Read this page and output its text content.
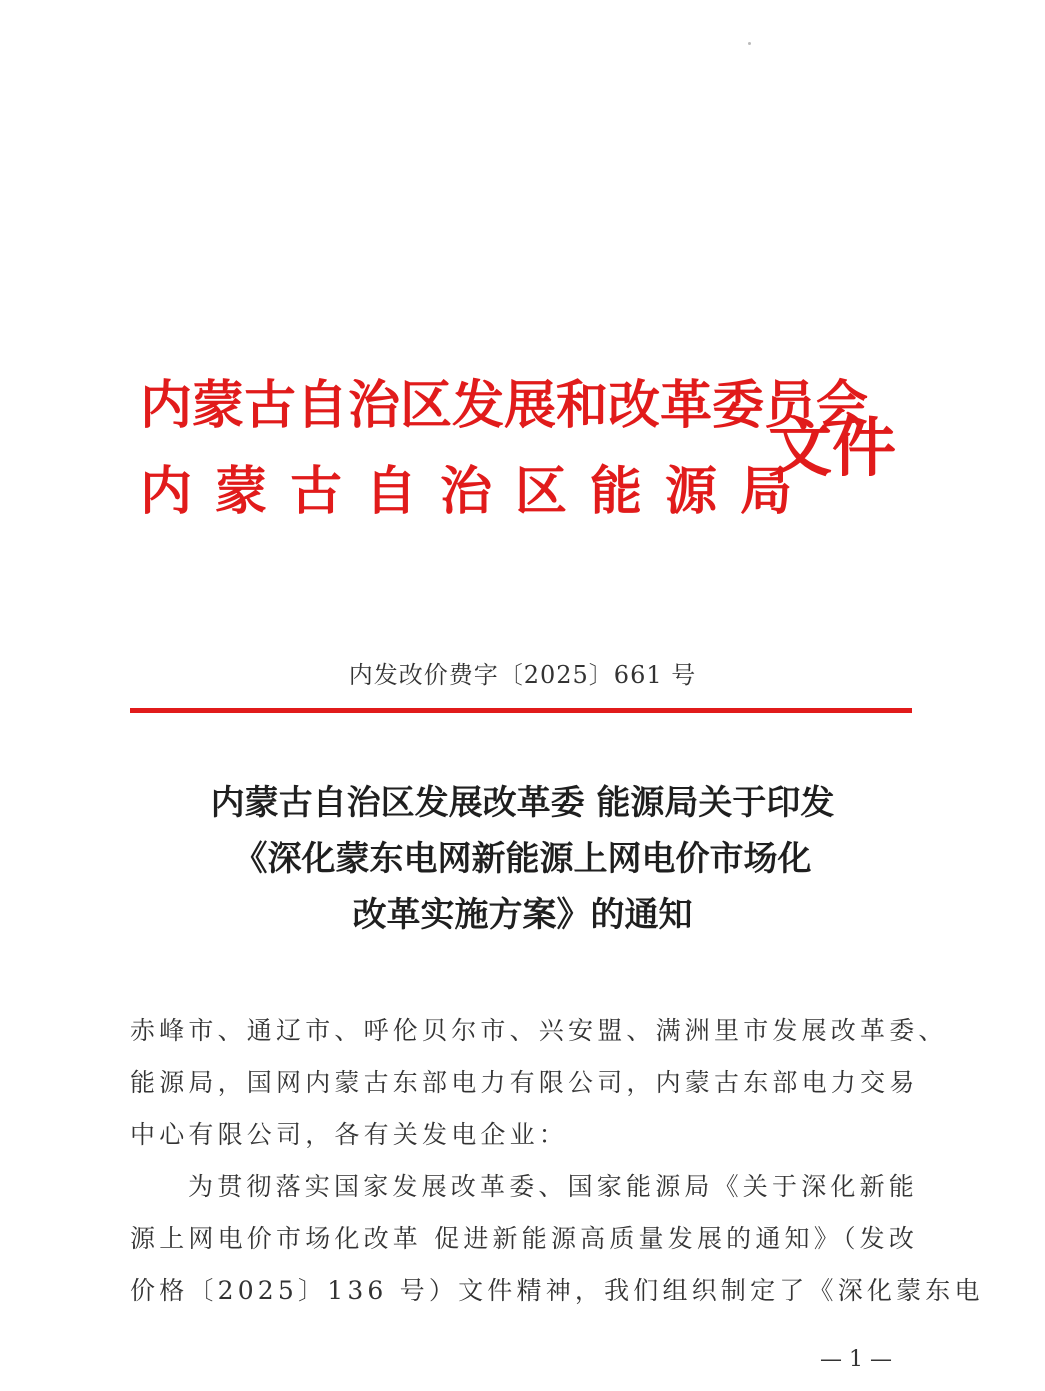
内蒙古自治区发展和改革委员会
内蒙古自治区能源局
文件
内发改价费字〔2025〕661 号
内蒙古自治区发展改革委 能源局关于印发
《深化蒙东电网新能源上网电价市场化
改革实施方案》的通知
赤峰市、通辽市、呼伦贝尔市、兴安盟、满洲里市发展改革委、
能源局，国网内蒙古东部电力有限公司，内蒙古东部电力交易
中心有限公司，各有关发电企业：
为贯彻落实国家发展改革委、国家能源局《关于深化新能
源上网电价市场化改革 促进新能源高质量发展的通知》（发改
价格〔2025〕136 号）文件精神，我们组织制定了《深化蒙东电
— 1 —
